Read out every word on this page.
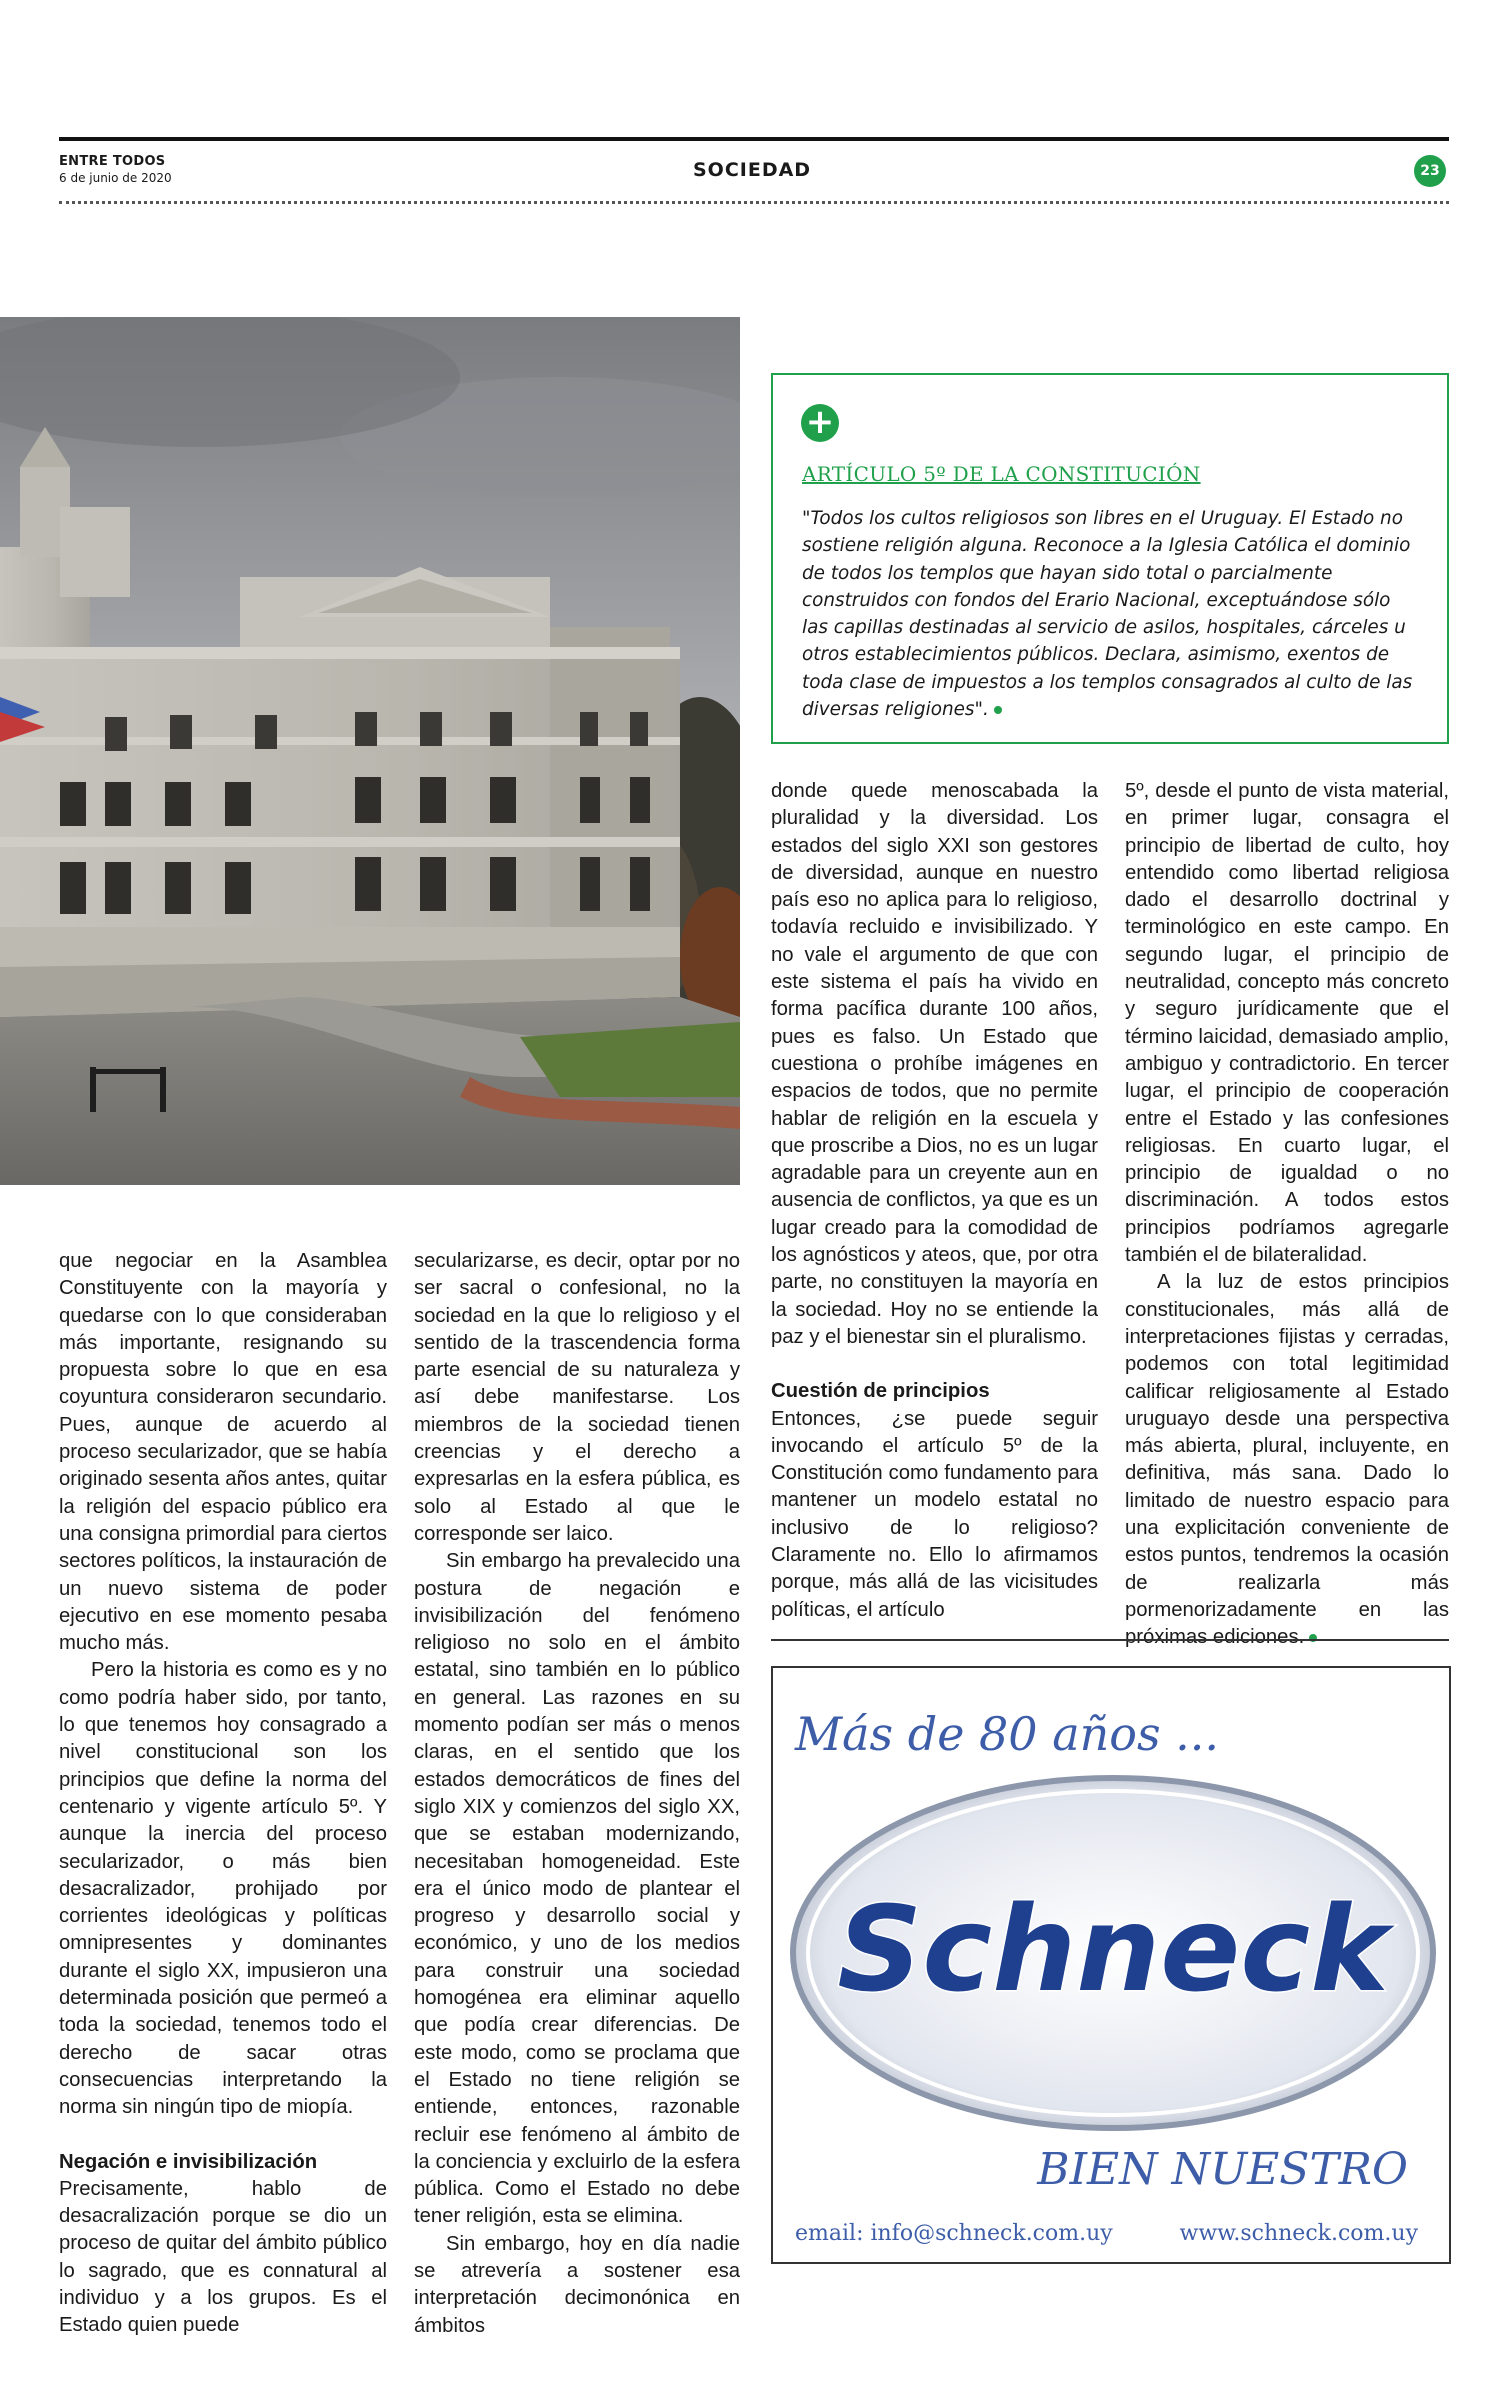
ENTRE TODOS
6 de junio de 2020	SOCIEDAD	23
+
ARTÍCULO 5º DE LA CONSTITUCIÓN
"Todos los cultos religiosos son libres en el Uruguay. El Estado no sostiene religión alguna. Reconoce a la Iglesia Católica el dominio de todos los templos que hayan sido total o parcialmente construidos con fondos del Erario Nacional, exceptuándose sólo las capillas destinadas al servicio de asilos, hospitales, cárceles u otros establecimientos públicos. Declara, asimismo, exentos de toda clase de impuestos a los templos consagrados al culto de las diversas religiones".

que negociar en la Asamblea Constituyente con la mayoría y quedarse con lo que consideraban más importante, resignando su propuesta sobre lo que en esa coyuntura consideraron secundario. Pues, aunque de acuerdo al proceso secularizador, que se había originado sesenta años antes, quitar la religión del espacio público era una consigna primordial para ciertos sectores políticos, la instauración de un nuevo sistema de poder ejecutivo en ese momento pesaba mucho más.

Pero la historia es como es y no como podría haber sido, por tanto, lo que tenemos hoy consagrado a nivel constitucional son los principios que define la norma del centenario y vigente artículo 5º. Y aunque la inercia del proceso secularizador, o más bien desacralizador, prohijado por corrientes ideológicas y políticas omnipresentes y dominantes durante el siglo XX, impusieron una determinada posición que permeó a toda la sociedad, tenemos todo el derecho de sacar otras consecuencias interpretando la norma sin ningún tipo de miopía.

Negación e invisibilización

Precisamente, hablo de desacralización porque se dio un proceso de quitar del ámbito público lo sagrado, que es connatural al individuo y a los grupos. Es el Estado quien puede

secularizarse, es decir, optar por no ser sacral o confesional, no la sociedad en la que lo religioso y el sentido de la trascendencia forma parte esencial de su naturaleza y así debe manifestarse. Los miembros de la sociedad tienen creencias y el derecho a expresarlas en la esfera pública, es solo al Estado al que le corresponde ser laico.

Sin embargo ha prevalecido una postura de negación e invisibilización del fenómeno religioso no solo en el ámbito estatal, sino también en lo público en general. Las razones en su momento podían ser más o menos claras, en el sentido que los estados democráticos de fines del siglo XIX y comienzos del siglo XX, que se estaban modernizando, necesitaban homogeneidad. Este era el único modo de plantear el progreso y desarrollo social y económico, y uno de los medios para construir una sociedad homogénea era eliminar aquello que podía crear diferencias. De este modo, como se proclama que el Estado no tiene religión se entiende, entonces, razonable recluir ese fenómeno al ámbito de la conciencia y excluirlo de la esfera pública. Como el Estado no debe tener religión, esta se elimina.

Sin embargo, hoy en día nadie se atrevería a sostener esa interpretación decimonónica en ámbitos

donde quede menoscabada la pluralidad y la diversidad. Los estados del siglo XXI son gestores de diversidad, aunque en nuestro país eso no aplica para lo religioso, todavía recluido e invisibilizado. Y no vale el argumento de que con este sistema el país ha vivido en forma pacífica durante 100 años, pues es falso. Un Estado que cuestiona o prohíbe imágenes en espacios de todos, que no permite hablar de religión en la escuela y que proscribe a Dios, no es un lugar agradable para un creyente aun en ausencia de conflictos, ya que es un lugar creado para la comodidad de los agnósticos y ateos, que, por otra parte, no constituyen la mayoría en la sociedad. Hoy no se entiende la paz y el bienestar sin el pluralismo.

Cuestión de principios

Entonces, ¿se puede seguir invocando el artículo 5º de la Constitución como fundamento para mantener un modelo estatal no inclusivo de lo religioso? Claramente no. Ello lo afirmamos porque, más allá de las vicisitudes políticas, el artículo

5º, desde el punto de vista material, en primer lugar, consagra el principio de libertad de culto, hoy entendido como libertad religiosa dado el desarrollo doctrinal y terminológico en este campo. En segundo lugar, el principio de neutralidad, concepto más concreto y seguro jurídicamente que el término laicidad, demasiado amplio, ambiguo y contradictorio. En tercer lugar, el principio de cooperación entre el Estado y las confesiones religiosas. En cuarto lugar, el principio de igualdad o no discriminación. A todos estos principios podríamos agregarle también el de bilateralidad.

A la luz de estos principios constitucionales, más allá de interpretaciones fijistas y cerradas, podemos con total legitimidad calificar religiosamente al Estado uruguayo desde una perspectiva más abierta, plural, incluyente, en definitiva, más sana. Dado lo limitado de nuestro espacio para una explicitación conveniente de estos puntos, tendremos la ocasión de realizarla más pormenorizadamente en las próximas ediciones.

Más de 80 años ...
Schneck
BIEN NUESTRO
email: info@schneck.com.uy	www.schneck.com.uy
